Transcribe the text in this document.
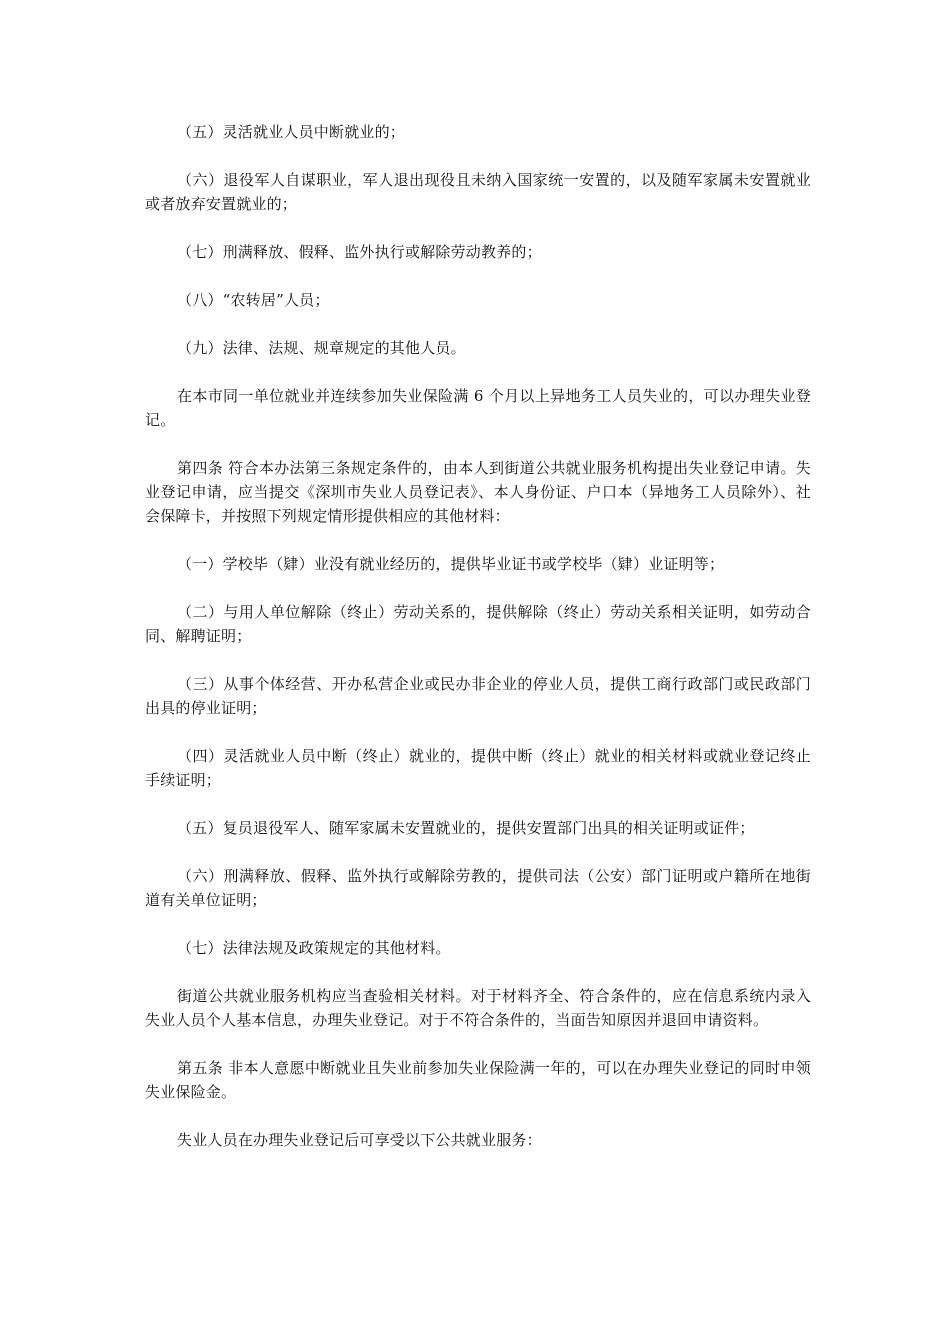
（五）灵活就业人员中断就业的；

（六）退役军人自谋职业，军人退出现役且未纳入国家统一安置的，以及随军家属未安置就业或者放弃安置就业的；

（七）刑满释放、假释、监外执行或解除劳动教养的；

（八）“农转居”人员；

（九）法律、法规、规章规定的其他人员。

在本市同一单位就业并连续参加失业保险满 6 个月以上异地务工人员失业的，可以办理失业登记。

第四条 符合本办法第三条规定条件的，由本人到街道公共就业服务机构提出失业登记申请。失业登记申请，应当提交《深圳市失业人员登记表》、本人身份证、户口本（异地务工人员除外）、社会保障卡，并按照下列规定情形提供相应的其他材料：

（一）学校毕（肄）业没有就业经历的，提供毕业证书或学校毕（肄）业证明等；

（二）与用人单位解除（终止）劳动关系的，提供解除（终止）劳动关系相关证明，如劳动合同、解聘证明；

（三）从事个体经营、开办私营企业或民办非企业的停业人员，提供工商行政部门或民政部门出具的停业证明；

（四）灵活就业人员中断（终止）就业的，提供中断（终止）就业的相关材料或就业登记终止手续证明；

（五）复员退役军人、随军家属未安置就业的，提供安置部门出具的相关证明或证件；

（六）刑满释放、假释、监外执行或解除劳教的，提供司法（公安）部门证明或户籍所在地街道有关单位证明；

（七）法律法规及政策规定的其他材料。

街道公共就业服务机构应当查验相关材料。对于材料齐全、符合条件的，应在信息系统内录入失业人员个人基本信息，办理失业登记。对于不符合条件的，当面告知原因并退回申请资料。

第五条 非本人意愿中断就业且失业前参加失业保险满一年的，可以在办理失业登记的同时申领失业保险金。

失业人员在办理失业登记后可享受以下公共就业服务：
